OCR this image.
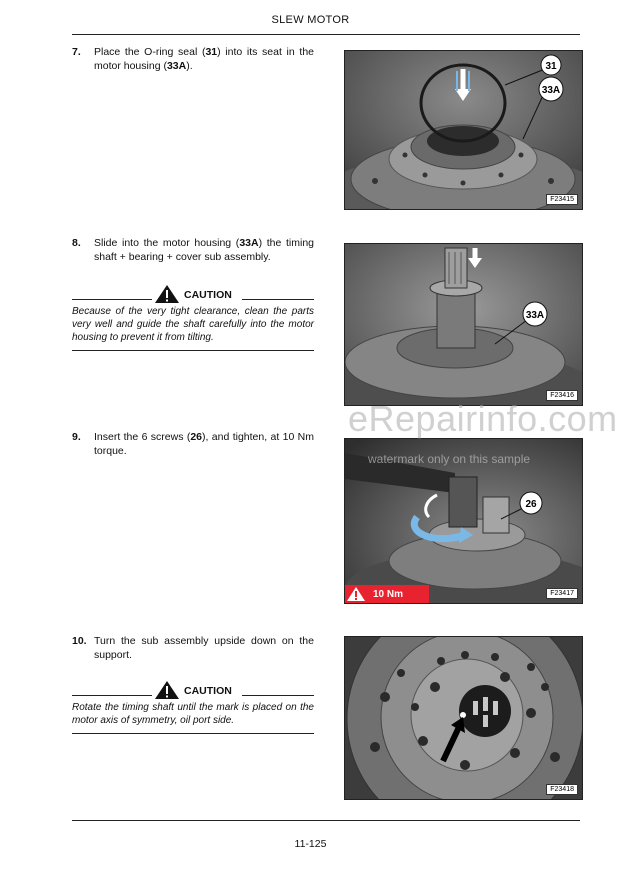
SLEW MOTOR
7. Place the O-ring seal (31) into its seat in the motor housing (33A).	31
33A
F23415
8. Slide into the motor housing (33A) the timing shaft + bearing + cover sub assembly.
CAUTION
Because of the very tight clearance, clean the parts very well and guide the shaft carefully into the motor housing to prevent it from tilting.
33A
F23416
9. Insert the 6 screws (26), and tighten, at 10 Nm torque.
26
10 Nm	F23417
10. Turn the sub assembly upside down on the support.
CAUTION
Rotate the timing shaft until the mark is placed on the motor axis of symmetry, oil port side.
F23418
eRepairinfo.com
watermark only on this sample
11-125
